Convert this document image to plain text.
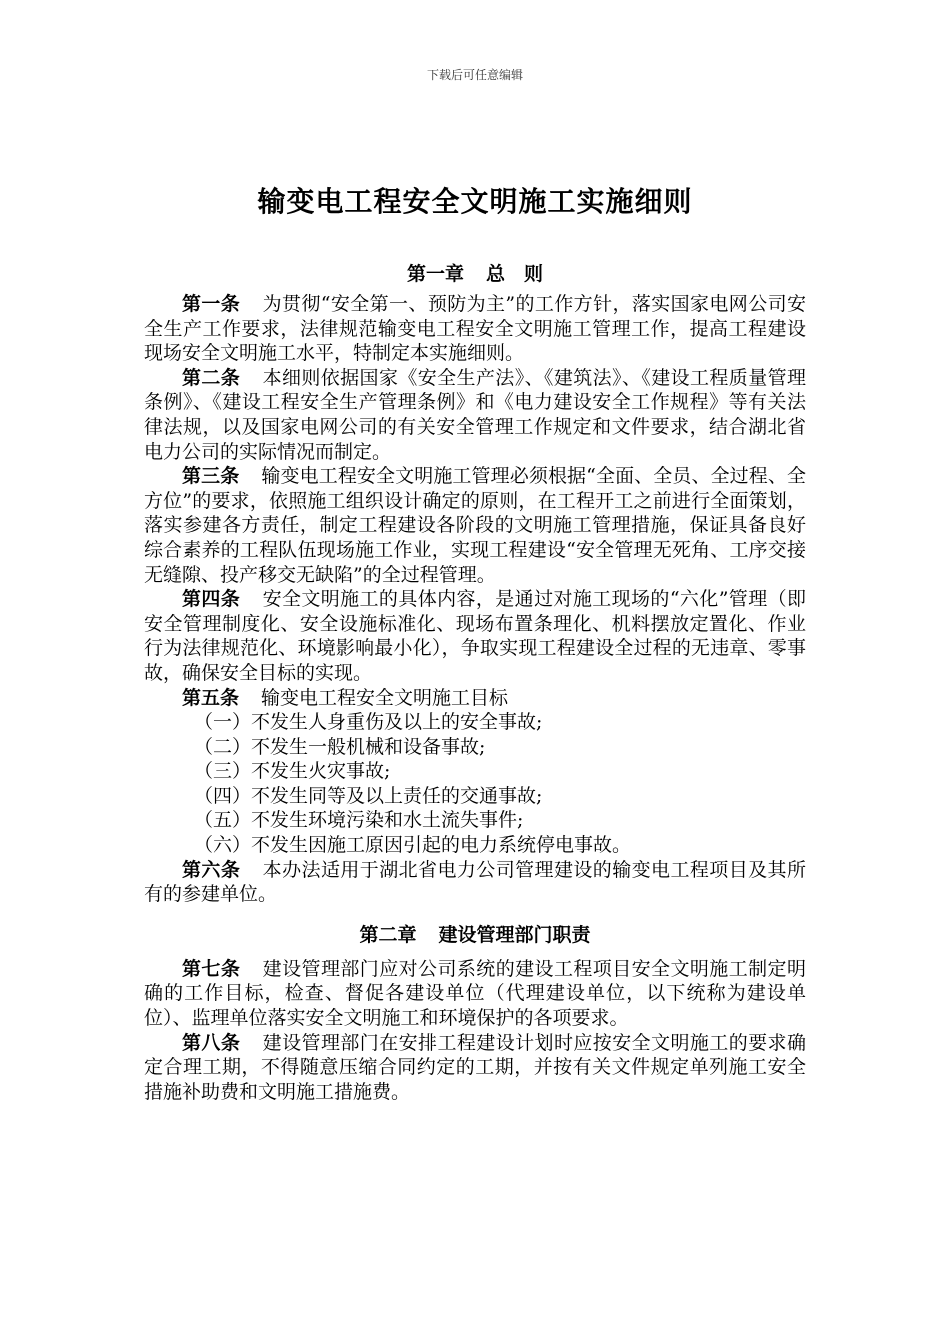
下载后可任意编辑
输变电工程安全文明施工实施细则
第一章 总　则

第一条 为贯彻“安全第一、预防为主”的工作方针，落实国家电网公司安全生产工作要求，法律规范输变电工程安全文明施工管理工作，提高工程建设现场安全文明施工水平，特制定本实施细则。

第二条 本细则依据国家《安全生产法》、《建筑法》、《建设工程质量管理条例》、《建设工程安全生产管理条例》和《电力建设安全工作规程》等有关法律法规，以及国家电网公司的有关安全管理工作规定和文件要求，结合湖北省电力公司的实际情况而制定。

第三条 输变电工程安全文明施工管理必须根据“全面、全员、全过程、全方位”的要求，依照施工组织设计确定的原则，在工程开工之前进行全面策划，落实参建各方责任，制定工程建设各阶段的文明施工管理措施，保证具备良好综合素养的工程队伍现场施工作业，实现工程建设“安全管理无死角、工序交接无缝隙、投产移交无缺陷”的全过程管理。

第四条 安全文明施工的具体内容，是通过对施工现场的“六化”管理（即安全管理制度化、安全设施标准化、现场布置条理化、机料摆放定置化、作业行为法律规范化、环境影响最小化），争取实现工程建设全过程的无违章、零事故，确保安全目标的实现。

第五条 输变电工程安全文明施工目标

（一）不发生人身重伤及以上的安全事故;

（二）不发生一般机械和设备事故;

（三）不发生火灾事故;

（四）不发生同等及以上责任的交通事故;

（五）不发生环境污染和水土流失事件;

（六）不发生因施工原因引起的电力系统停电事故。

第六条 本办法适用于湖北省电力公司管理建设的输变电工程项目及其所有的参建单位。

第二章 建设管理部门职责

第七条 建设管理部门应对公司系统的建设工程项目安全文明施工制定明确的工作目标，检查、督促各建设单位（代理建设单位，以下统称为建设单位）、监理单位落实安全文明施工和环境保护的各项要求。

第八条 建设管理部门在安排工程建设计划时应按安全文明施工的要求确定合理工期，不得随意压缩合同约定的工期，并按有关文件规定单列施工安全措施补助费和文明施工措施费。
